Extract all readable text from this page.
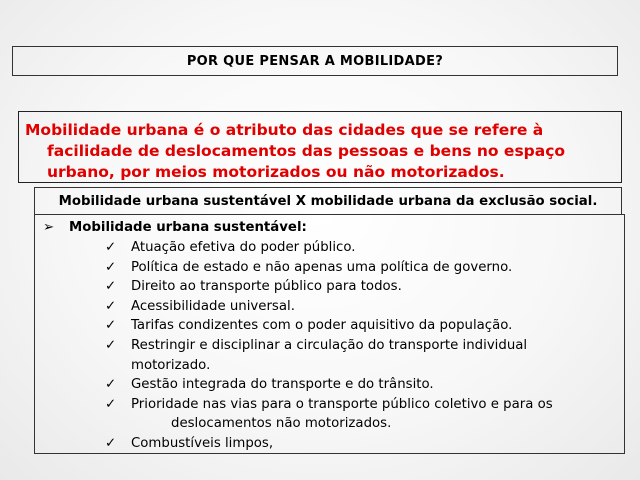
POR QUE PENSAR A MOBILIDADE?
Mobilidade urbana é o atributo das cidades que se refere à
facilidade de deslocamentos das pessoas e bens no espaço
urbano, por meios motorizados ou não motorizados.
Mobilidade urbana sustentável X mobilidade urbana da exclusão social.
➢ Mobilidade urbana sustentável:
✓ Atuação efetiva do poder público.
✓ Política de estado e não apenas uma política de governo.
✓ Direito ao transporte público para todos.
✓ Acessibilidade universal.
✓ Tarifas condizentes com o poder aquisitivo da população.
✓ Restringir e disciplinar a circulação do transporte individual
motorizado.
✓ Gestão integrada do transporte e do trânsito.
✓ Prioridade nas vias para o transporte público coletivo e para os
deslocamentos não motorizados.
✓ Combustíveis limpos,
